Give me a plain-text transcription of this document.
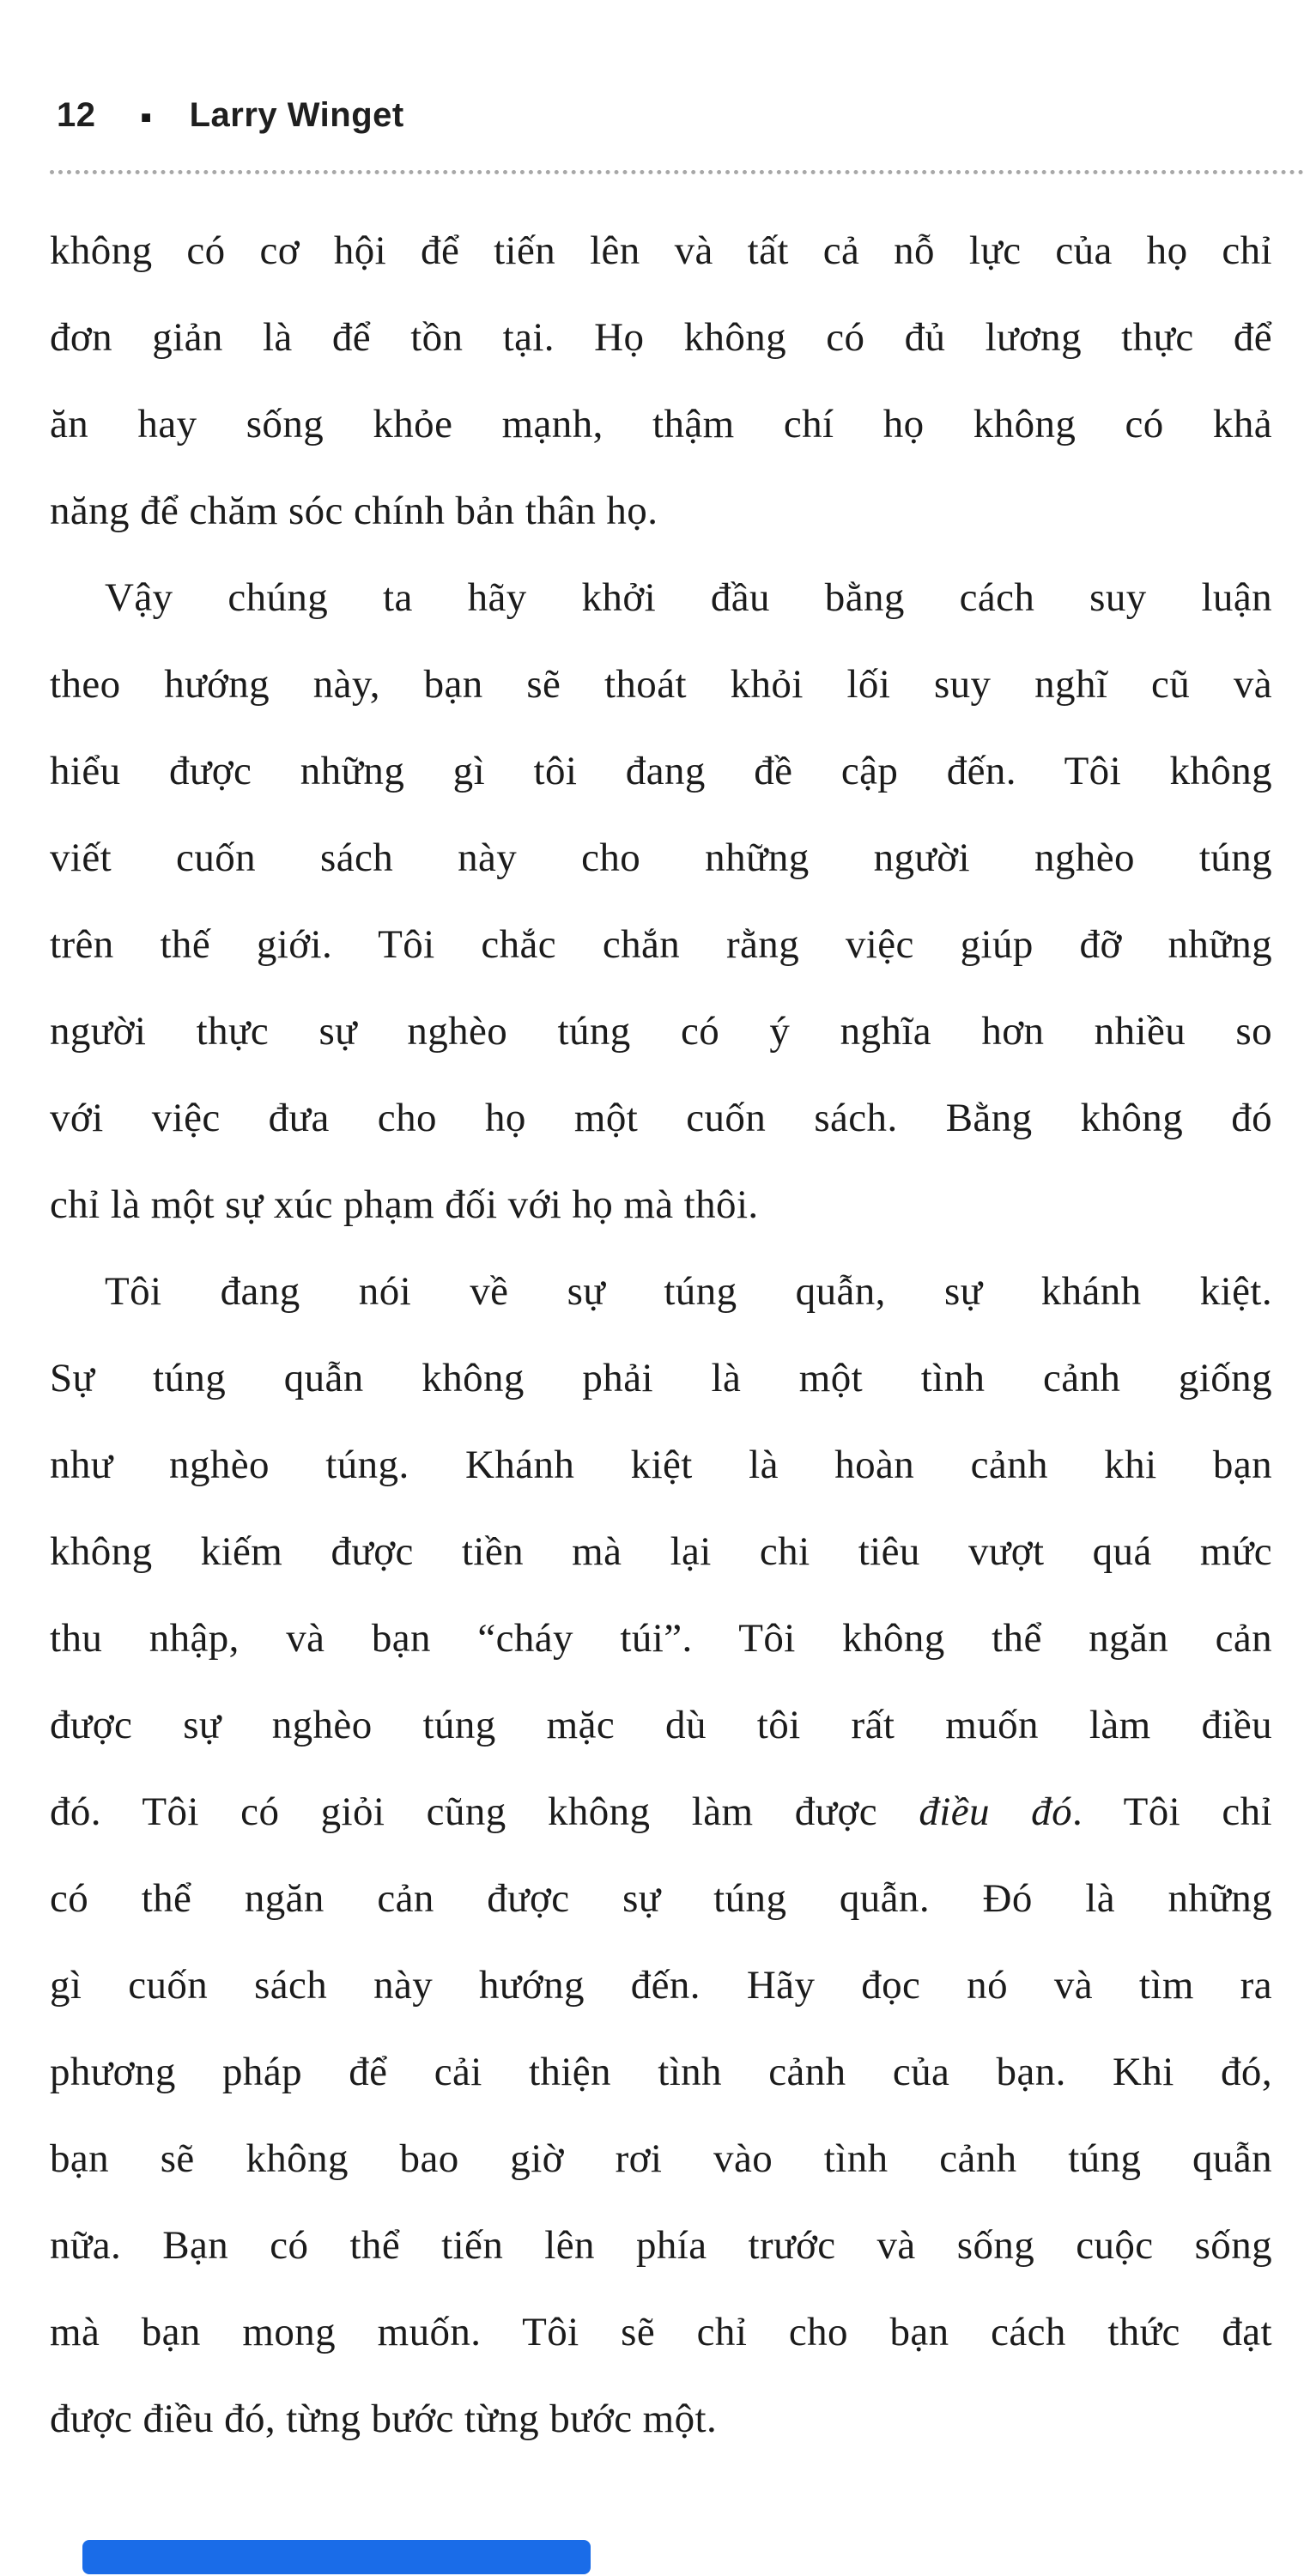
12	■ Larry Winget
không có cơ hội để tiến lên và tất cả nỗ lực của họ chỉ
đơn giản là để tồn tại. Họ không có đủ lương thực để
ăn hay sống khỏe mạnh, thậm chí họ không có khả
năng để chăm sóc chính bản thân họ.
Vậy chúng ta hãy khởi đầu bằng cách suy luận
theo hướng này, bạn sẽ thoát khỏi lối suy nghĩ cũ và
hiểu được những gì tôi đang đề cập đến. Tôi không
viết cuốn sách này cho những người nghèo túng
trên thế giới. Tôi chắc chắn rằng việc giúp đỡ những
người thực sự nghèo túng có ý nghĩa hơn nhiều so
với việc đưa cho họ một cuốn sách. Bằng không đó
chỉ là một sự xúc phạm đối với họ mà thôi.
Tôi đang nói về sự túng quẫn, sự khánh kiệt.
Sự túng quẫn không phải là một tình cảnh giống
như nghèo túng. Khánh kiệt là hoàn cảnh khi bạn
không kiếm được tiền mà lại chi tiêu vượt quá mức
thu nhập, và bạn “cháy túi”. Tôi không thể ngăn cản
được sự nghèo túng mặc dù tôi rất muốn làm điều
đó. Tôi có giỏi cũng không làm được điều đó. Tôi chỉ
có thể ngăn cản được sự túng quẫn. Đó là những
gì cuốn sách này hướng đến. Hãy đọc nó và tìm ra
phương pháp để cải thiện tình cảnh của bạn. Khi đó,
bạn sẽ không bao giờ rơi vào tình cảnh túng quẫn
nữa. Bạn có thể tiến lên phía trước và sống cuộc sống
mà bạn mong muốn. Tôi sẽ chỉ cho bạn cách thức đạt
được điều đó, từng bước từng bước một.
